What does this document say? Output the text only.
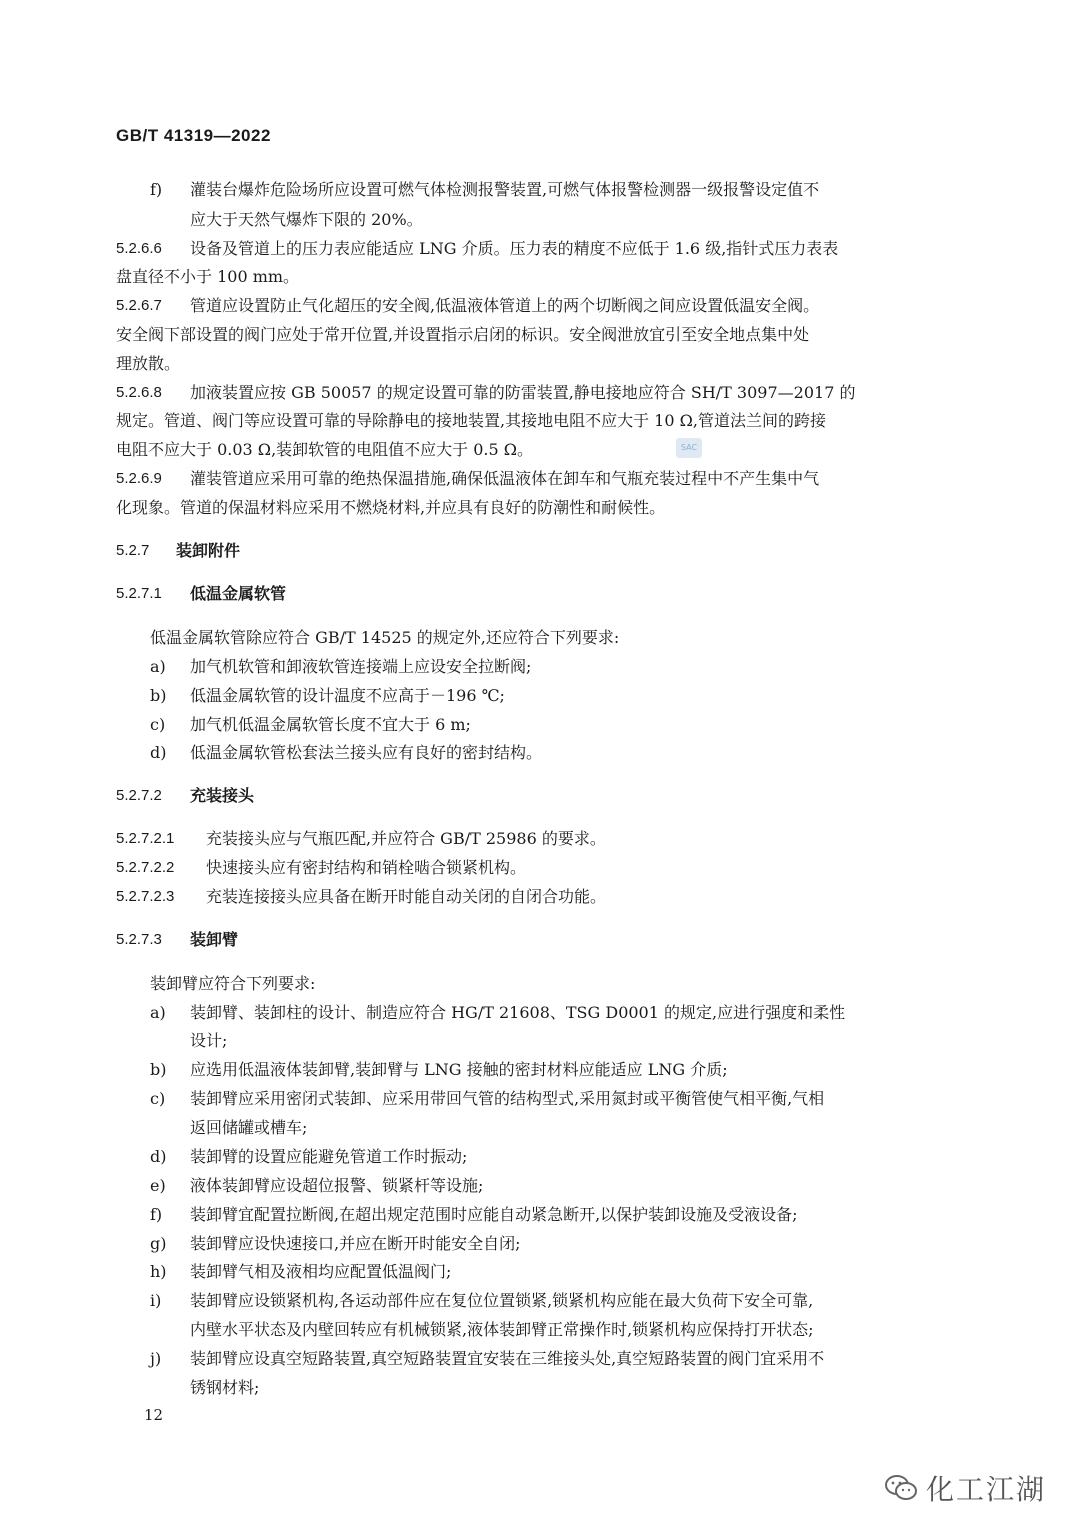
GB/T 41319—2022
f) 灌装台爆炸危险场所应设置可燃气体检测报警装置,可燃气体报警检测器一级报警设定值不
应大于天然气爆炸下限的 20%。
5.2.6.6 设备及管道上的压力表应能适应 LNG 介质。压力表的精度不应低于 1.6 级,指针式压力表表
盘直径不小于 100 mm。
5.2.6.7 管道应设置防止气化超压的安全阀,低温液体管道上的两个切断阀之间应设置低温安全阀。
安全阀下部设置的阀门应处于常开位置,并设置指示启闭的标识。安全阀泄放宜引至安全地点集中处
理放散。
5.2.6.8 加液装置应按 GB 50057 的规定设置可靠的防雷装置,静电接地应符合 SH/T 3097—2017 的
规定。管道、阀门等应设置可靠的导除静电的接地装置,其接地电阻不应大于 10 Ω,管道法兰间的跨接
电阻不应大于 0.03 Ω,装卸软管的电阻值不应大于 0.5 Ω。	SAC
5.2.6.9 灌装管道应采用可靠的绝热保温措施,确保低温液体在卸车和气瓶充装过程中不产生集中气
化现象。管道的保温材料应采用不燃烧材料,并应具有良好的防潮性和耐候性。
5.2.7 装卸附件
5.2.7.1 低温金属软管
低温金属软管除应符合 GB/T 14525 的规定外,还应符合下列要求:
a) 加气机软管和卸液软管连接端上应设安全拉断阀;
b) 低温金属软管的设计温度不应高于－196 ℃;
c) 加气机低温金属软管长度不宜大于 6 m;
d) 低温金属软管松套法兰接头应有良好的密封结构。
5.2.7.2 充装接头
5.2.7.2.1 充装接头应与气瓶匹配,并应符合 GB/T 25986 的要求。
5.2.7.2.2 快速接头应有密封结构和销栓啮合锁紧机构。
5.2.7.2.3 充装连接接头应具备在断开时能自动关闭的自闭合功能。
5.2.7.3 装卸臂
装卸臂应符合下列要求:
a) 装卸臂、装卸柱的设计、制造应符合 HG/T 21608、TSG D0001 的规定,应进行强度和柔性
设计;
b) 应选用低温液体装卸臂,装卸臂与 LNG 接触的密封材料应能适应 LNG 介质;
c) 装卸臂应采用密闭式装卸、应采用带回气管的结构型式,采用氮封或平衡管使气相平衡,气相
返回储罐或槽车;
d) 装卸臂的设置应能避免管道工作时振动;
e) 液体装卸臂应设超位报警、锁紧杆等设施;
f) 装卸臂宜配置拉断阀,在超出规定范围时应能自动紧急断开,以保护装卸设施及受液设备;
g) 装卸臂应设快速接口,并应在断开时能安全自闭;
h) 装卸臂气相及液相均应配置低温阀门;
i) 装卸臂应设锁紧机构,各运动部件应在复位位置锁紧,锁紧机构应能在最大负荷下安全可靠,
内壁水平状态及内壁回转应有机械锁紧,液体装卸臂正常操作时,锁紧机构应保持打开状态;
j) 装卸臂应设真空短路装置,真空短路装置宜安装在三维接头处,真空短路装置的阀门宜采用不
锈钢材料;
12
化工江湖
